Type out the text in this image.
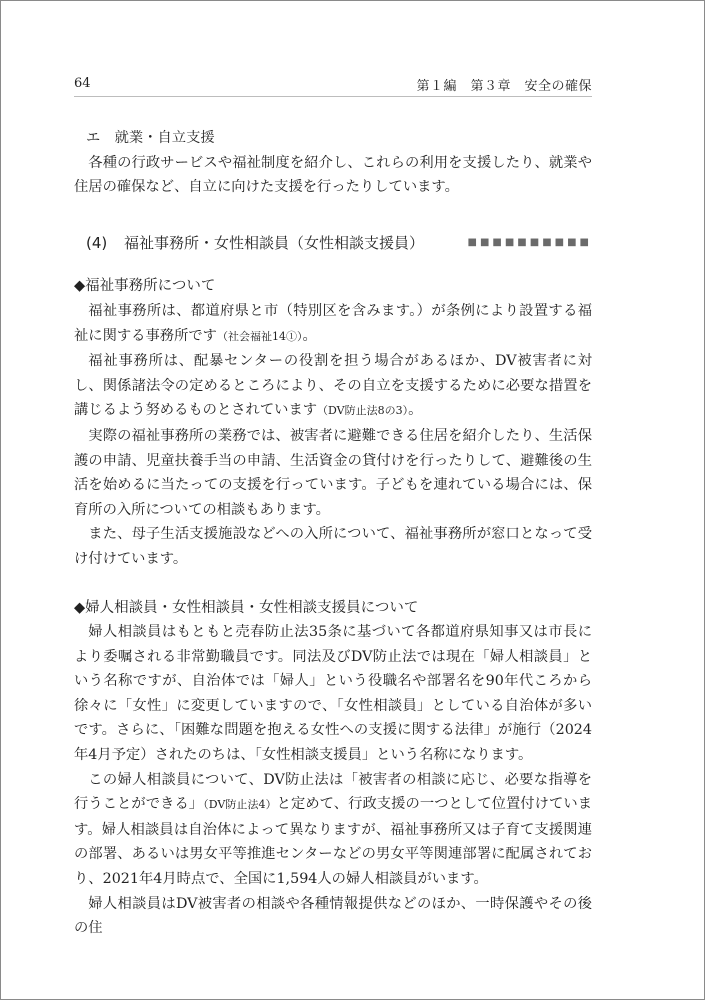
64	第１編　第３章　安全の確保

エ　就業・自立支援

各種の行政サービスや福祉制度を紹介し、これらの利用を支援したり、就業や住居の確保など、自立に向けた支援を行ったりしています。

(4)	福祉事務所・女性相談員（女性相談支援員）	■■■■■■■■■■

◆福祉事務所について

福祉事務所は、都道府県と市（特別区を含みます。）が条例により設置する福祉に関する事務所です（社会福祉14①）。

福祉事務所は、配暴センターの役割を担う場合があるほか、DV被害者に対し、関係諸法令の定めるところにより、その自立を支援するために必要な措置を講じるよう努めるものとされています（DV防止法8の3）。

実際の福祉事務所の業務では、被害者に避難できる住居を紹介したり、生活保護の申請、児童扶養手当の申請、生活資金の貸付けを行ったりして、避難後の生活を始めるに当たっての支援を行っています。子どもを連れている場合には、保育所の入所についての相談もあります。

また、母子生活支援施設などへの入所について、福祉事務所が窓口となって受け付けています。

◆婦人相談員・女性相談員・女性相談支援員について

婦人相談員はもともと売春防止法35条に基づいて各都道府県知事又は市長により委嘱される非常勤職員です。同法及びDV防止法では現在「婦人相談員」という名称ですが、自治体では「婦人」という役職名や部署名を90年代ころから徐々に「女性」に変更していますので、「女性相談員」としている自治体が多いです。さらに、「困難な問題を抱える女性への支援に関する法律」が施行（2024年4月予定）されたのちは、「女性相談支援員」という名称になります。

この婦人相談員について、DV防止法は「被害者の相談に応じ、必要な指導を行うことができる」（DV防止法4）と定めて、行政支援の一つとして位置付けています。婦人相談員は自治体によって異なりますが、福祉事務所又は子育て支援関連の部署、あるいは男女平等推進センターなどの男女平等関連部署に配属されており、2021年4月時点で、全国に1,594人の婦人相談員がいます。

婦人相談員はDV被害者の相談や各種情報提供などのほか、一時保護やその後の住
